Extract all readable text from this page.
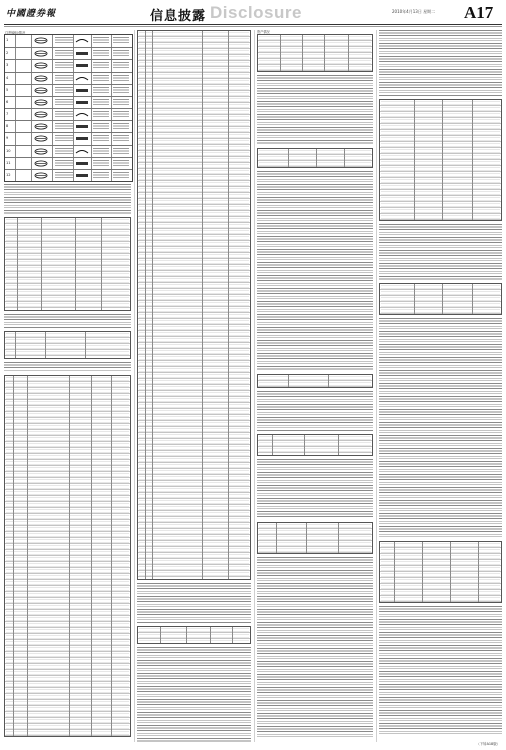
中國證券報	信息披露 Disclosure	2010年4月13日 星期二 A17
注册商标情况
1
2
3
4
5
6
7
8
9
10
11
12
资产情况
（下转A18版）
